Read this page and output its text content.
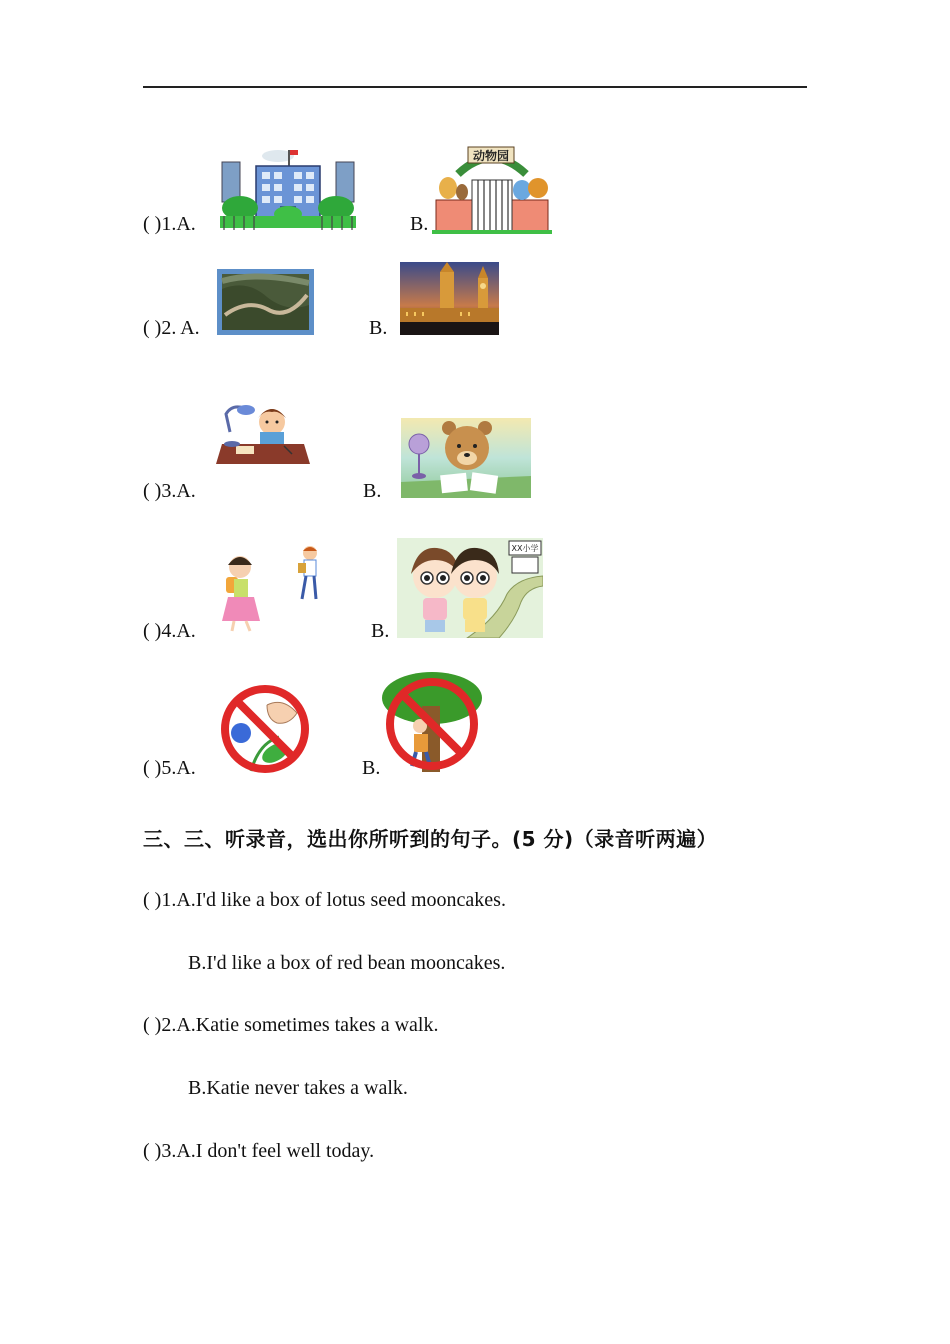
( )1.A.	B.
动物园
( )2. A.	B.
( )3.A.	B.
( )4.A.	B.
XX小学
( )5.A.	B.
三、三、听录音，选出你所听到的句子。(5 分)（录音听两遍）
( )1.A.I'd like a box of lotus seed mooncakes.
B.I'd like a box of red bean mooncakes.
( )2.A.Katie sometimes takes a walk.
B.Katie never takes a walk.
( )3.A.I don't feel well today.
